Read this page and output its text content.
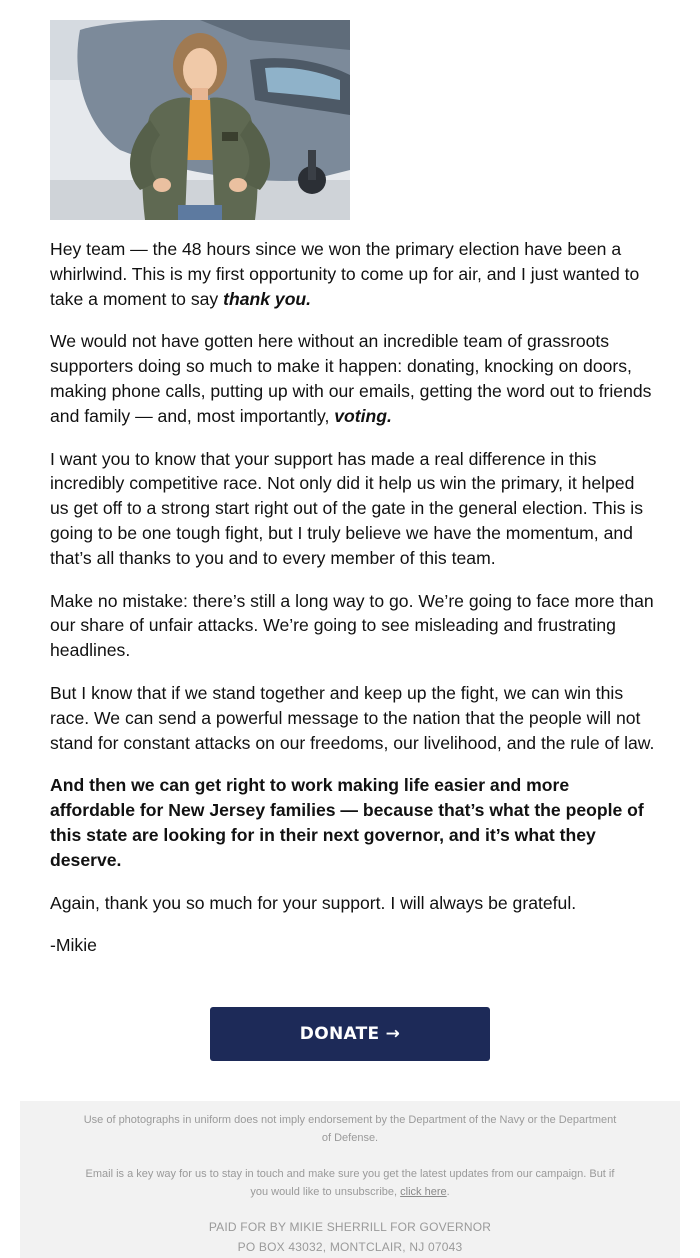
Hey team — the 48 hours since we won the primary election have been a whirlwind. This is my first opportunity to come up for air, and I just wanted to take a moment to say thank you.

We would not have gotten here without an incredible team of grassroots supporters doing so much to make it happen: donating, knocking on doors, making phone calls, putting up with our emails, getting the word out to friends and family — and, most importantly, voting.

I want you to know that your support has made a real difference in this incredibly competitive race. Not only did it help us win the primary, it helped us get off to a strong start right out of the gate in the general election. This is going to be one tough fight, but I truly believe we have the momentum, and that’s all thanks to you and to every member of this team.

Make no mistake: there’s still a long way to go. We’re going to face more than our share of unfair attacks. We’re going to see misleading and frustrating headlines.

But I know that if we stand together and keep up the fight, we can win this race. We can send a powerful message to the nation that the people will not stand for constant attacks on our freedoms, our livelihood, and the rule of law.

And then we can get right to work making life easier and more affordable for New Jersey families — because that’s what the people of this state are looking for in their next governor, and it’s what they deserve.

Again, thank you so much for your support. I will always be grateful.

-Mikie

DONATE →

Use of photographs in uniform does not imply endorsement by the Department of the Navy or the Department of Defense.

Email is a key way for us to stay in touch and make sure you get the latest updates from our campaign. But if you would like to unsubscribe, click here.

PAID FOR BY MIKIE SHERRILL FOR GOVERNOR
PO BOX 43032, MONTCLAIR, NJ 07043
